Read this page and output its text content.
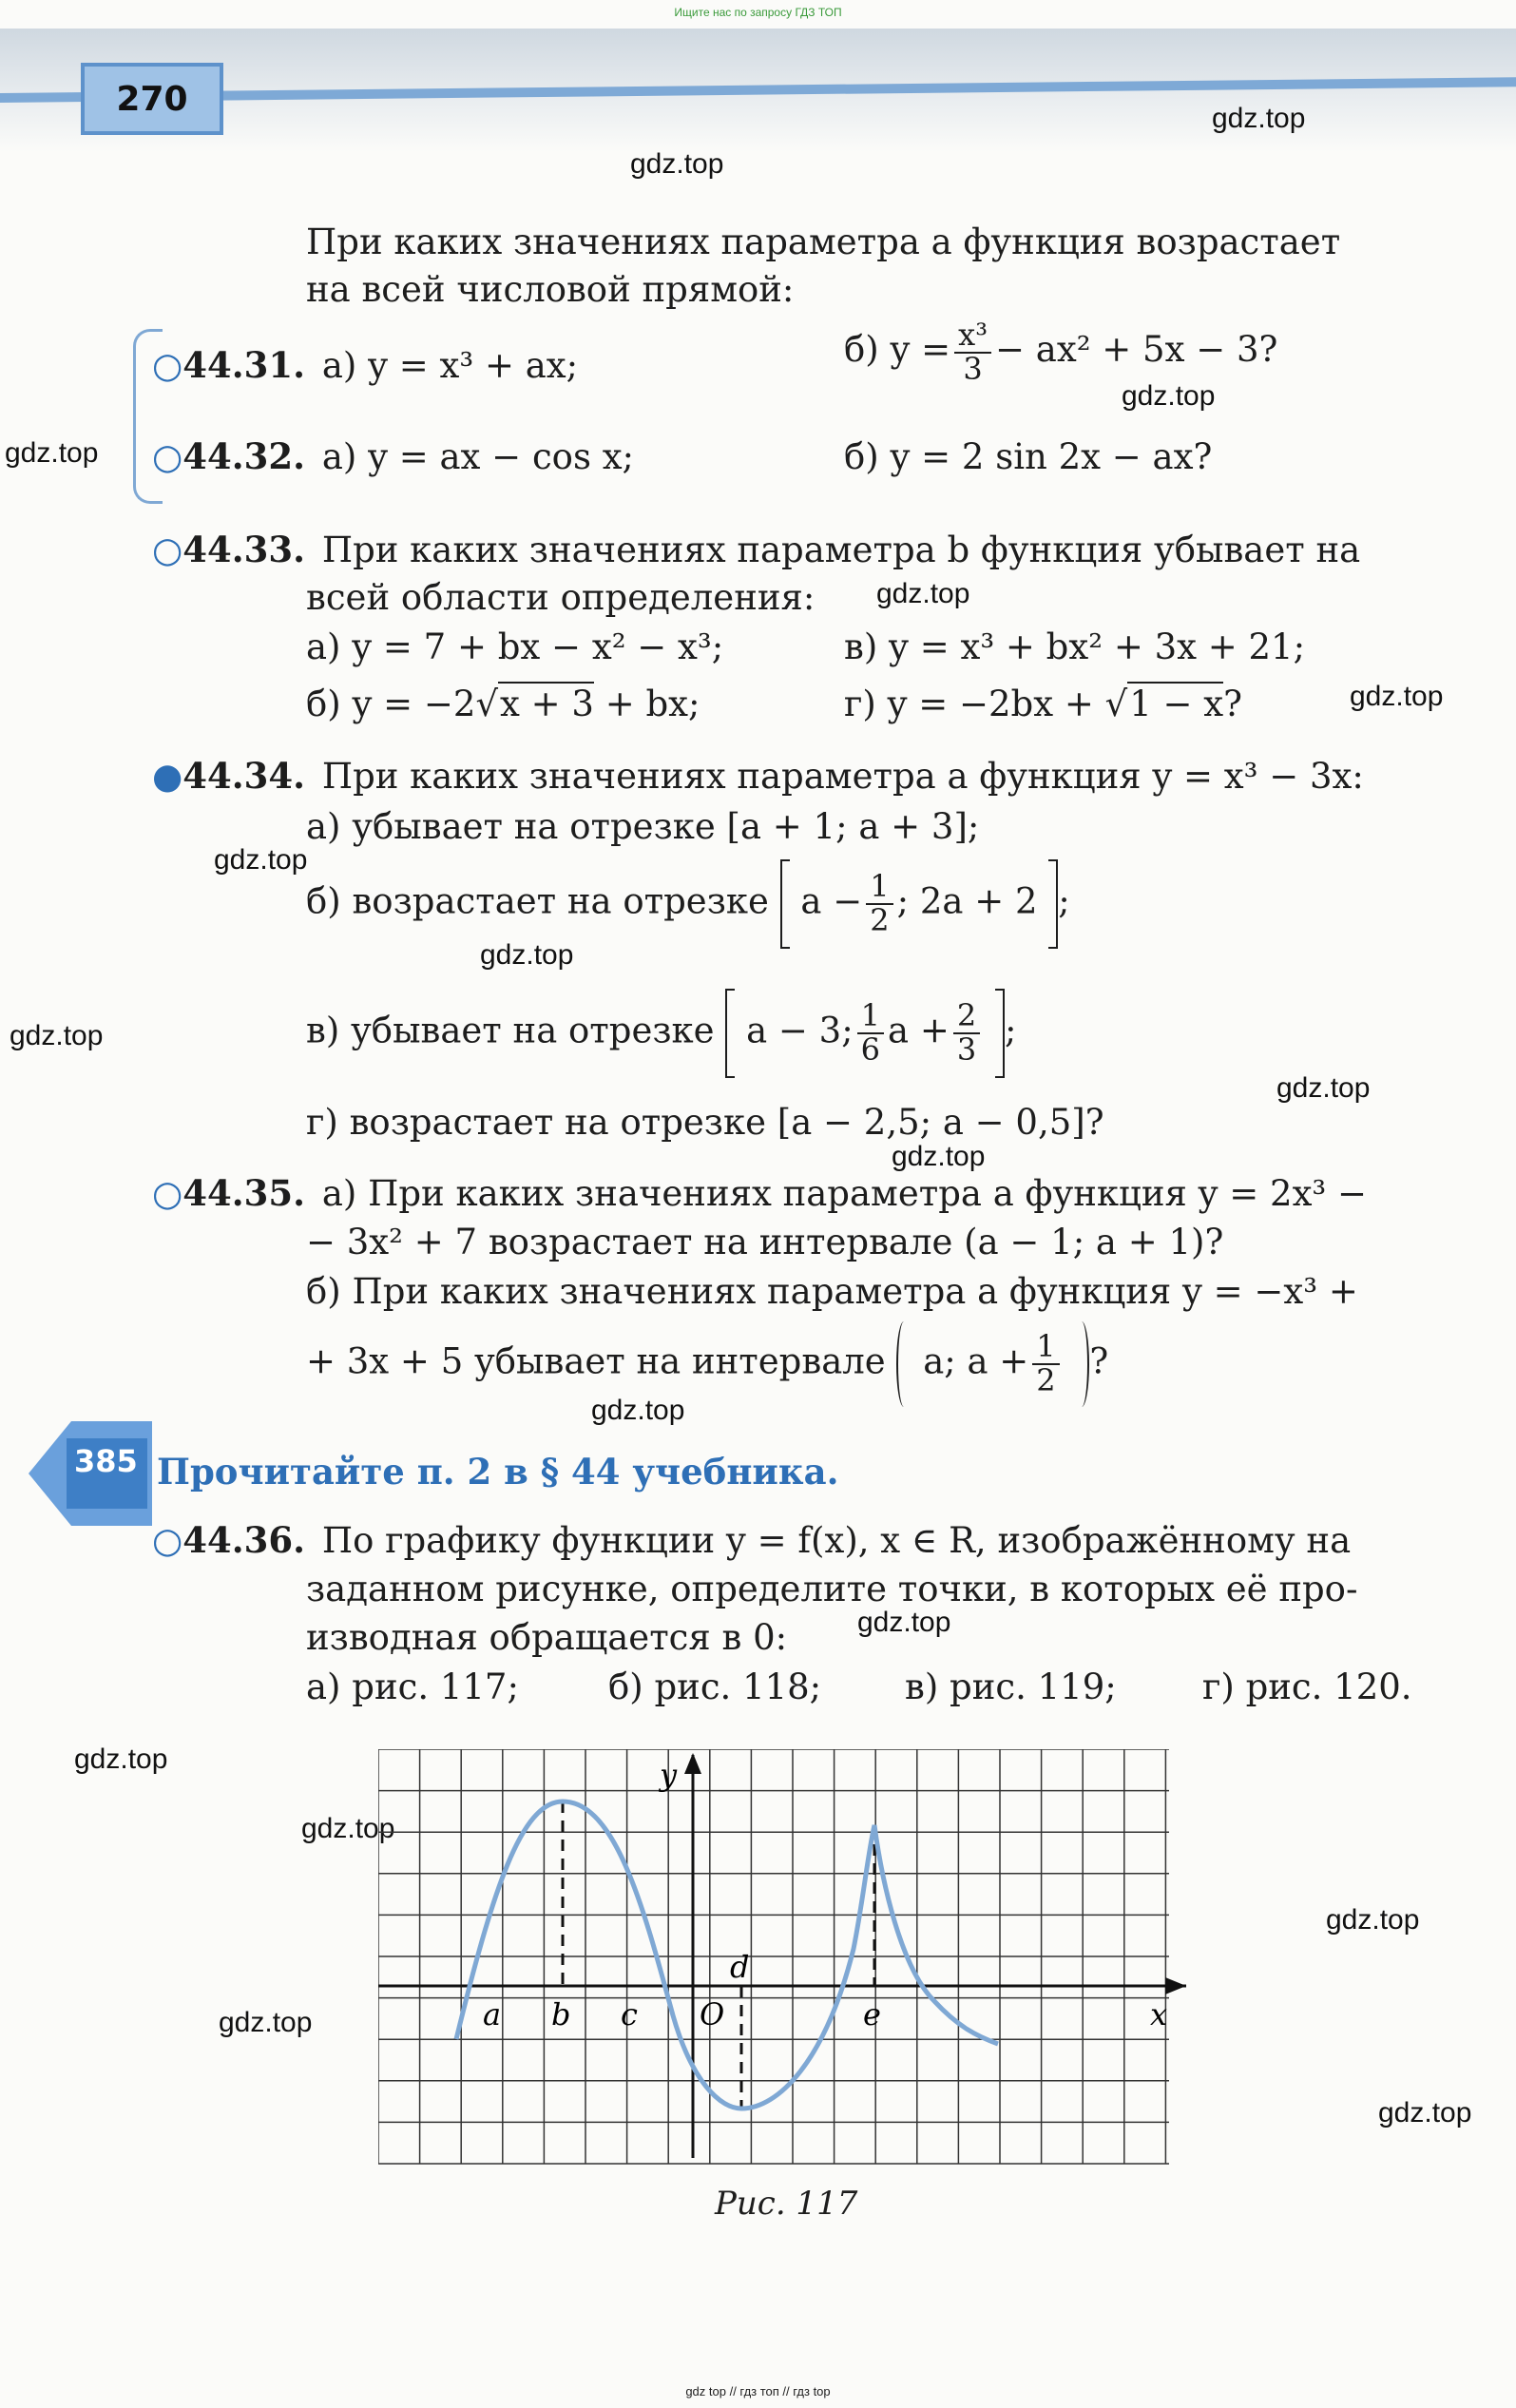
Ищите нас по запросу ГДЗ ТОП
270	gdz.top
gdz.top
gdz.top
gdz.top
gdz.top
gdz.top
gdz.top
gdz.top
gdz.top
gdz.top
gdz.top
gdz.top
gdz.top
gdz.top
gdz.top
gdz.top
gdz.top
gdz.top
При каких значениях параметра a функция возрастает
на всей числовой прямой:
○44.31. а) y = x³ + ax;	б) $y = \frac{\text{x³}}{3} - ax^2 + 5x - 3$?
○44.32. а) y = ax − cos x;	б) y = 2 sin 2x − ax?
○44.33. При каких значениях параметра b функция убывает на
всей области определения:
а) y = 7 + bx − x² − x³;	в) y = x³ + bx² + 3x + 21;
б) y = −2√x + 3 + bx;	г) y = −2bx + √1 − x?
●44.34. При каких значениях параметра a функция y = x³ − 3x:
а) убывает на отрезке [a + 1; a + 3];
б) возрастает на отрезке $a - \frac{1}{2}$ ; 2a + 2 ;
в) убывает на отрезке a − 3; $\frac{1}{6}$ $a + \frac{2}{3}$ ;
г) возрастает на отрезке [a − 2,5; a − 0,5]?
○44.35. а) При каких значениях параметра a функция y = 2x³ −
− 3x² + 7 возрастает на интервале (a − 1; a + 1)?
б) При каких значениях параметра a функция y = −x³ +
+ 3x + 5 убывает на интервале a; $a + \frac{1}{2}$ ?
385 Прочитайте п. 2 в § 44 учебника.
○44.36. По графику функции y = f(x), x ∈ R, изображённому на
заданном рисунке, определите точки, в которых её про-
изводная обращается в 0:
а) рис. 117;	б) рис. 118; в) рис. 119; г) рис. 120.
y
x
a b c O
d
e
Рис. 117
gdz top // гдз топ // гдз top
